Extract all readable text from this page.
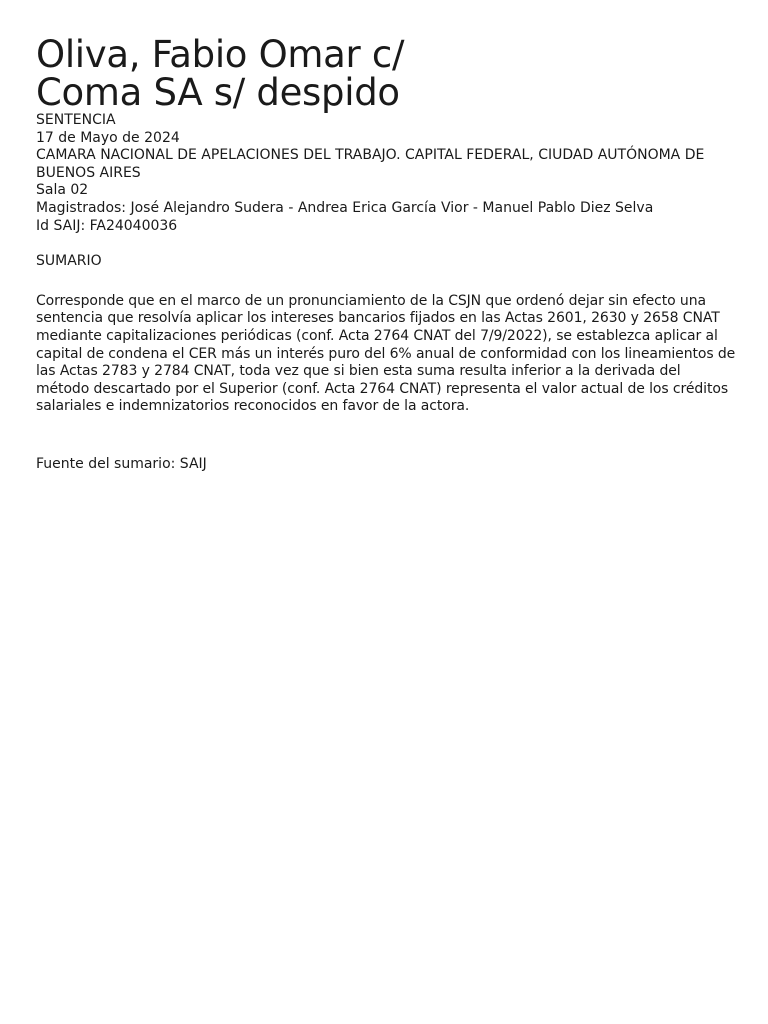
Oliva, Fabio Omar c/
Coma SA s/ despido
SENTENCIA
17 de Mayo de 2024
CAMARA NACIONAL DE APELACIONES DEL TRABAJO. CAPITAL FEDERAL, CIUDAD AUTÓNOMA DE BUENOS AIRES
Sala 02
Magistrados: José Alejandro Sudera - Andrea Erica García Vior - Manuel Pablo Diez Selva
Id SAIJ: FA24040036
SUMARIO

Corresponde que en el marco de un pronunciamiento de la CSJN que ordenó dejar sin efecto una sentencia que resolvía aplicar los intereses bancarios fijados en las Actas 2601, 2630 y 2658 CNAT mediante capitalizaciones periódicas (conf. Acta 2764 CNAT del 7/9/2022), se establezca aplicar al capital de condena el CER más un interés puro del 6% anual de conformidad con los lineamientos de las Actas 2783 y 2784 CNAT, toda vez que si bien esta suma resulta inferior a la derivada del método descartado por el Superior (conf. Acta 2764 CNAT) representa el valor actual de los créditos salariales e indemnizatorios reconocidos en favor de la actora.

Fuente del sumario: SAIJ
